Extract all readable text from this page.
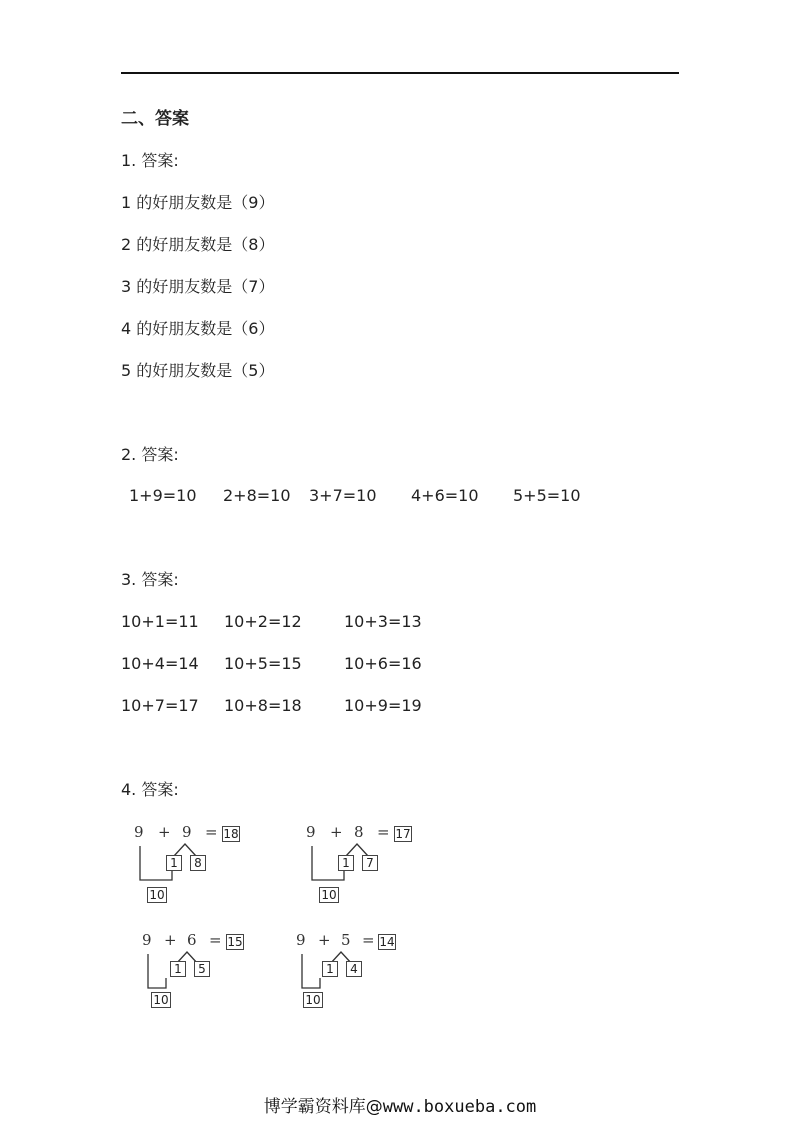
二、答案
1. 答案:
1 的好朋友数是（9）
2 的好朋友数是（8）
3 的好朋友数是（7）
4 的好朋友数是（6）
5 的好朋友数是（5）
2. 答案:
1+9=10 2+8=10 3+7=10 4+6=10 5+5=10
3. 答案:
10+1=11 10+2=12	10+3=13
10+4=14 10+5=15	10+6=16
10+7=17 10+8=18	10+9=19
4. 答案:
9 + 9 = 18
1	8
10
9 + 8 = 17
1	7
10
9 + 6 = 15
1	5
10
9 + 5 = 14
1	4
10
博学霸资料库@www.boxueba.com
